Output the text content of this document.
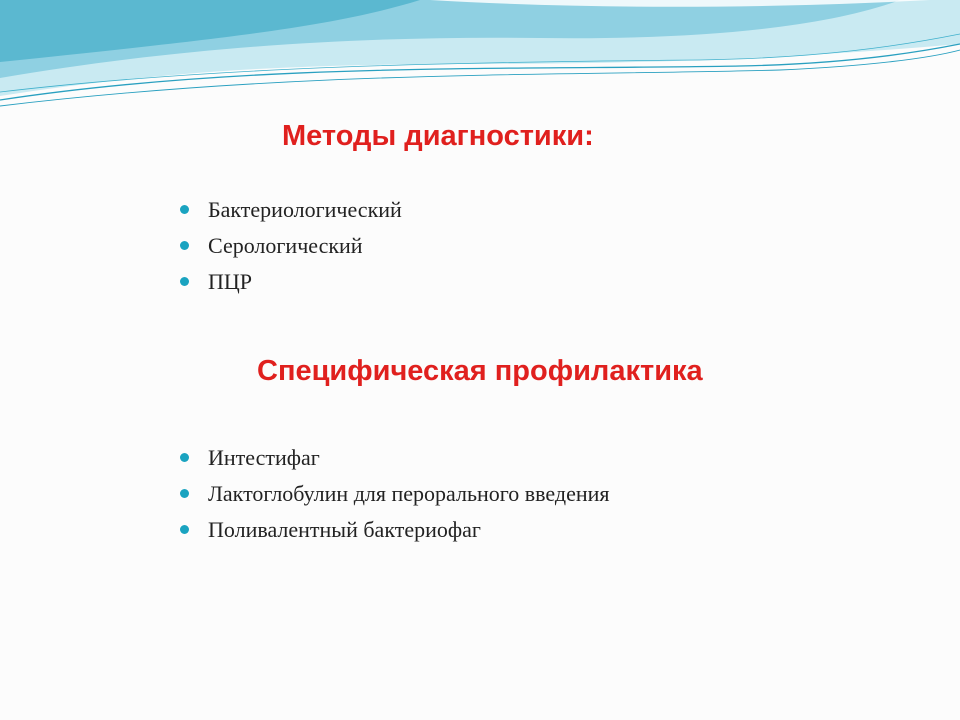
Методы диагностики:
Бактериологический
Серологический
ПЦР
Специфическая профилактика
Интестифаг
Лактоглобулин для перорального введения
Поливалентный бактериофаг
